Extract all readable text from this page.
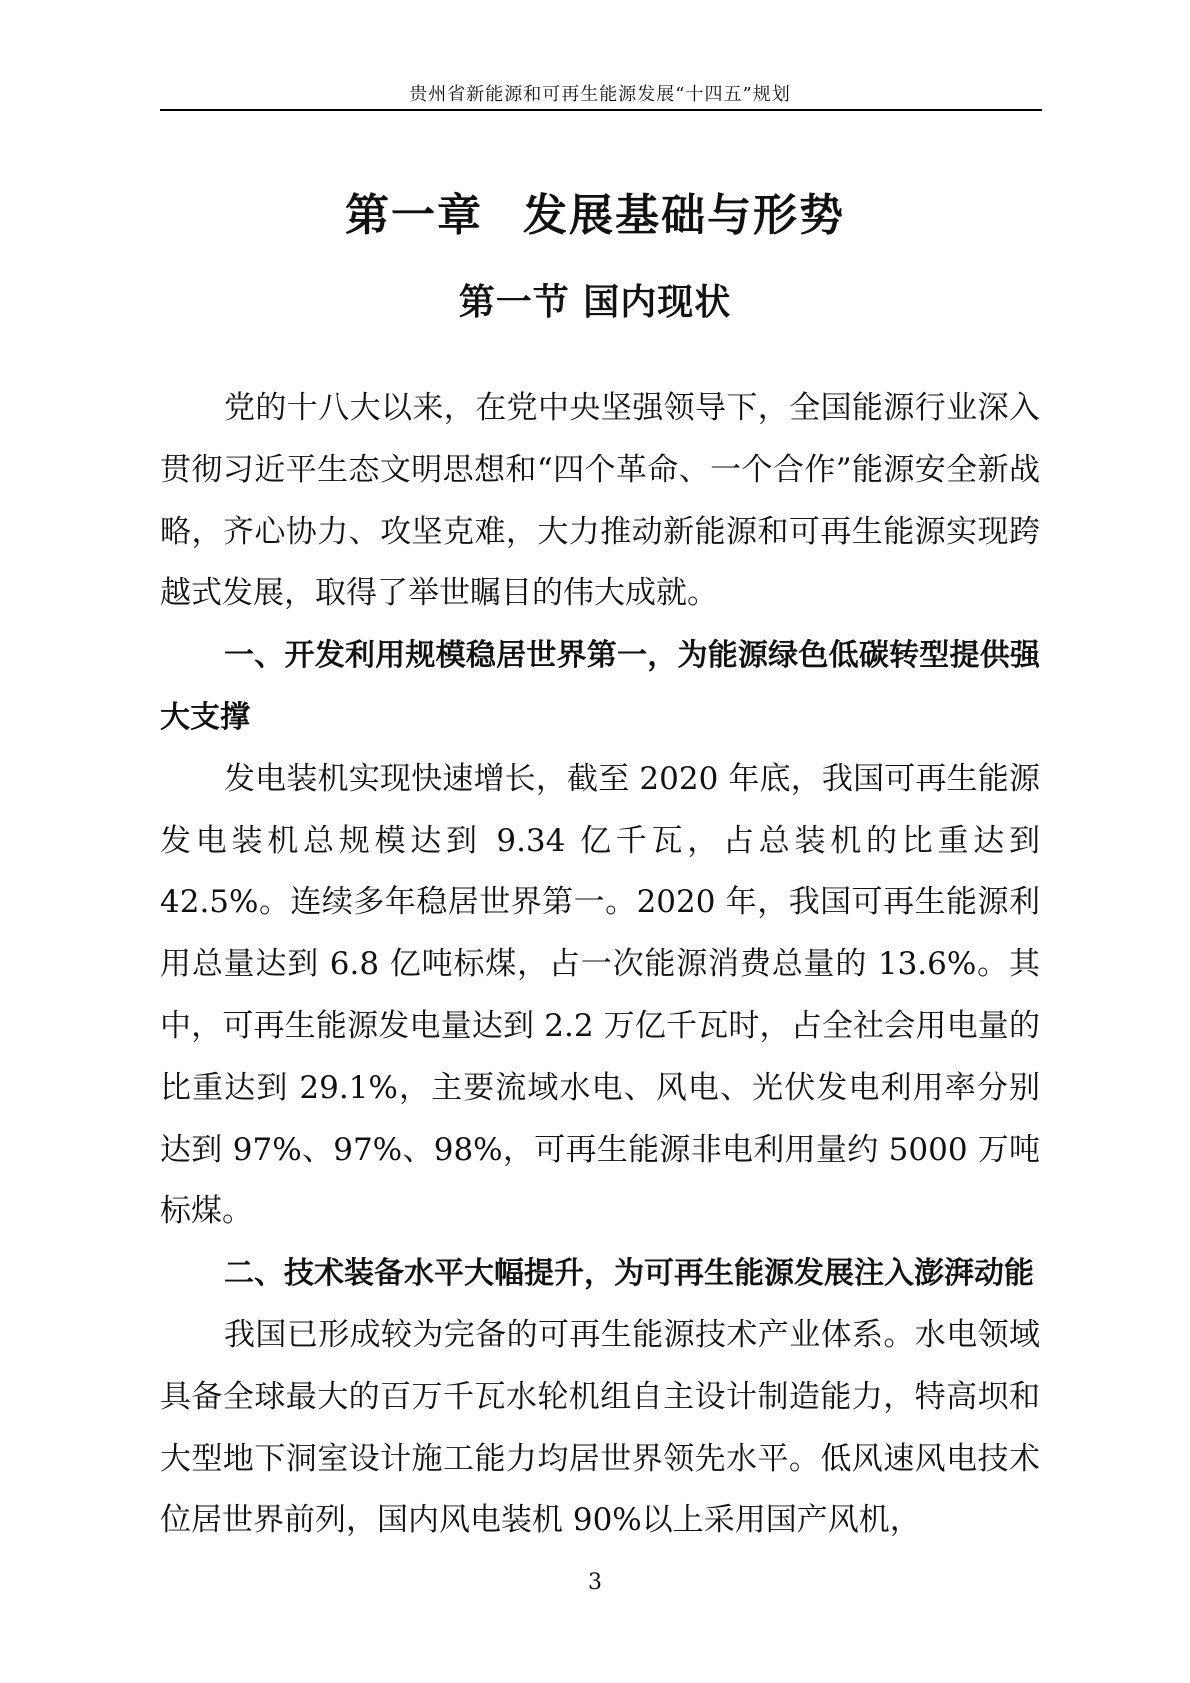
贵州省新能源和可再生能源发展“十四五”规划
第一章 发展基础与形势
第一节 国内现状

党的十八大以来，在党中央坚强领导下，全国能源行业深入贯彻习近平生态文明思想和“四个革命、一个合作”能源安全新战略，齐心协力、攻坚克难，大力推动新能源和可再生能源实现跨越式发展，取得了举世瞩目的伟大成就。

一、开发利用规模稳居世界第一，为能源绿色低碳转型提供强大支撑

发电装机实现快速增长，截至 2020 年底，我国可再生能源发电装机总规模达到 9.34 亿千瓦，占总装机的比重达到 42.5%。连续多年稳居世界第一。2020 年，我国可再生能源利用总量达到 6.8 亿吨标煤，占一次能源消费总量的 13.6%。其中，可再生能源发电量达到 2.2 万亿千瓦时，占全社会用电量的比重达到 29.1%，主要流域水电、风电、光伏发电利用率分别达到 97%、97%、98%，可再生能源非电利用量约 5000 万吨标煤。

二、技术装备水平大幅提升，为可再生能源发展注入澎湃动能

我国已形成较为完备的可再生能源技术产业体系。水电领域具备全球最大的百万千瓦水轮机组自主设计制造能力，特高坝和大型地下洞室设计施工能力均居世界领先水平。低风速风电技术位居世界前列，国内风电装机 90%以上采用国产风机，

3
